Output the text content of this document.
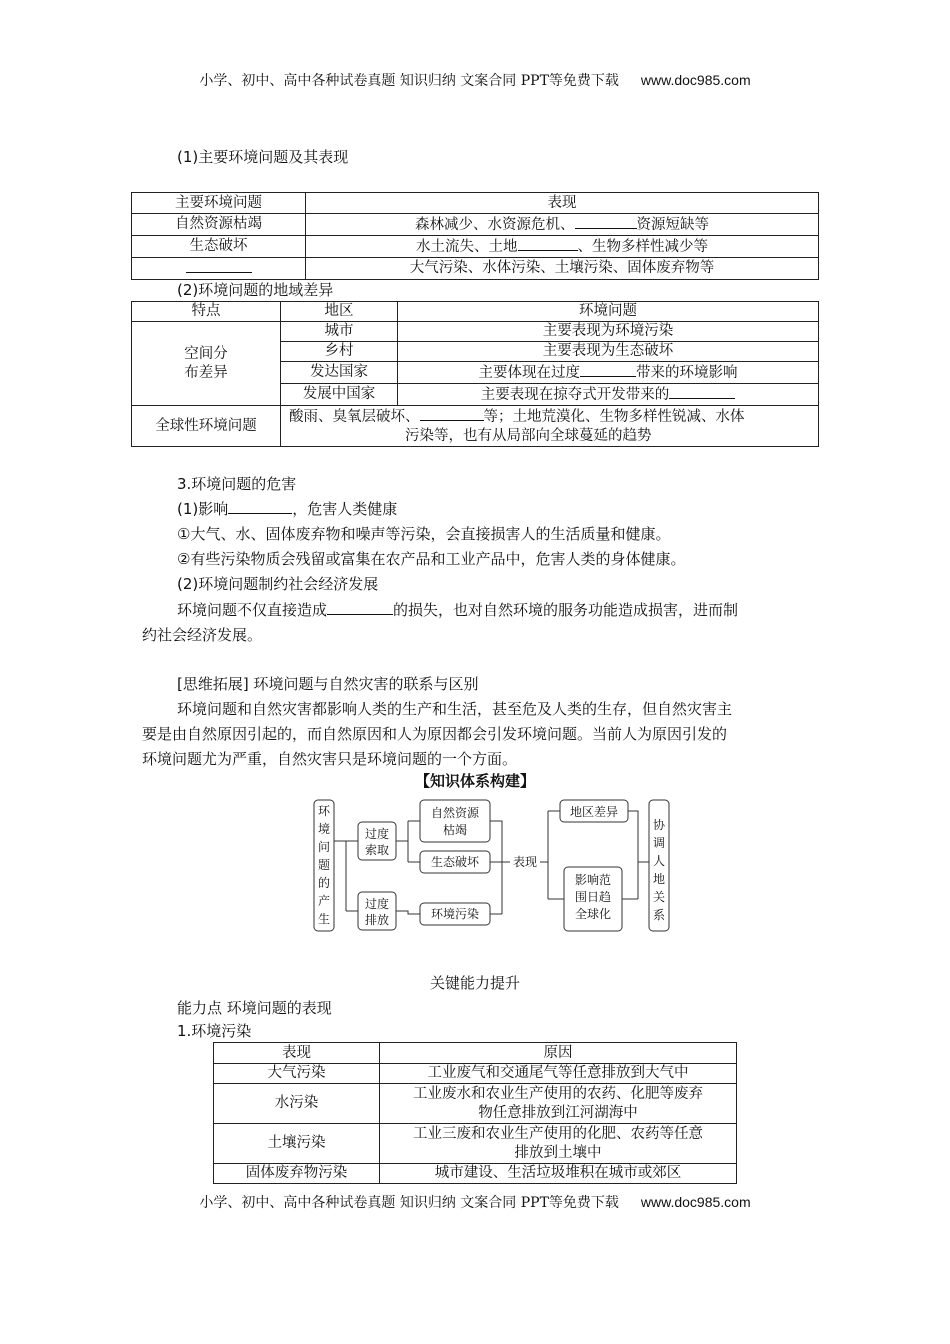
小学、初中、高中各种试卷真题 知识归纳 文案合同 PPT等免费下载 www.doc985.com
(1)主要环境问题及其表现
主要环境问题	表现
自然资源枯竭	森林减少、水资源危机、 资源短缺等
生态破坏	水土流失、土地 、生物多样性减少等
	大气污染、水体污染、土壤污染、固体废弃物等
(2)环境问题的地域差异
特点	地区	环境问题

空间分
布差异	城市	主要表现为环境污染
	乡村	主要表现为生态破坏
	发达国家	主要体现在过度 带来的环境影响
	发展中国家	主要表现在掠夺式开发带来的
全球性环境问题	酸雨、臭氧层破坏、 等；土地荒漠化、生物多样性锐减、水体
污染等，也有从局部向全球蔓延的趋势	
3.环境问题的危害
(1)影响	，危害人类健康
①大气、水、固体废弃物和噪声等污染，会直接损害人的生活质量和健康。
②有些污染物质会残留或富集在农产品和工业产品中，危害人类的身体健康。
(2)环境问题制约社会经济发展
环境问题不仅直接造成	的损失，也对自然环境的服务功能造成损害，进而制
约社会经济发展。
[思维拓展] 环境问题与自然灾害的联系与区别
环境问题和自然灾害都影响人类的生产和生活，甚至危及人类的生存，但自然灾害主
要是由自然原因引起的，而自然原因和人为原因都会引发环境问题。当前人为原因引发的
环境问题尤为严重，自然灾害只是环境问题的一个方面。
【知识体系构建】
环
境
问
题
的
产
生
过度
索取
过度
排放
自然资源
枯竭
生态破坏
环境污染
表现
地区差异
影响范
围日趋
全球化
协
调
人
地
关
系
关键能力提升
能力点 环境问题的表现
1.环境污染
表现	原因
大气污染	工业废气和交通尾气等任意排放到大气中
水污染	工业废水和农业生产使用的农药、化肥等废弃
物任意排放到江河湖海中

土壤污染	工业三废和农业生产使用的化肥、农药等任意
排放到土壤中

固体废弃物污染	城市建设、生活垃圾堆积在城市或郊区
小学、初中、高中各种试卷真题 知识归纳 文案合同 PPT等免费下载 www.doc985.com
